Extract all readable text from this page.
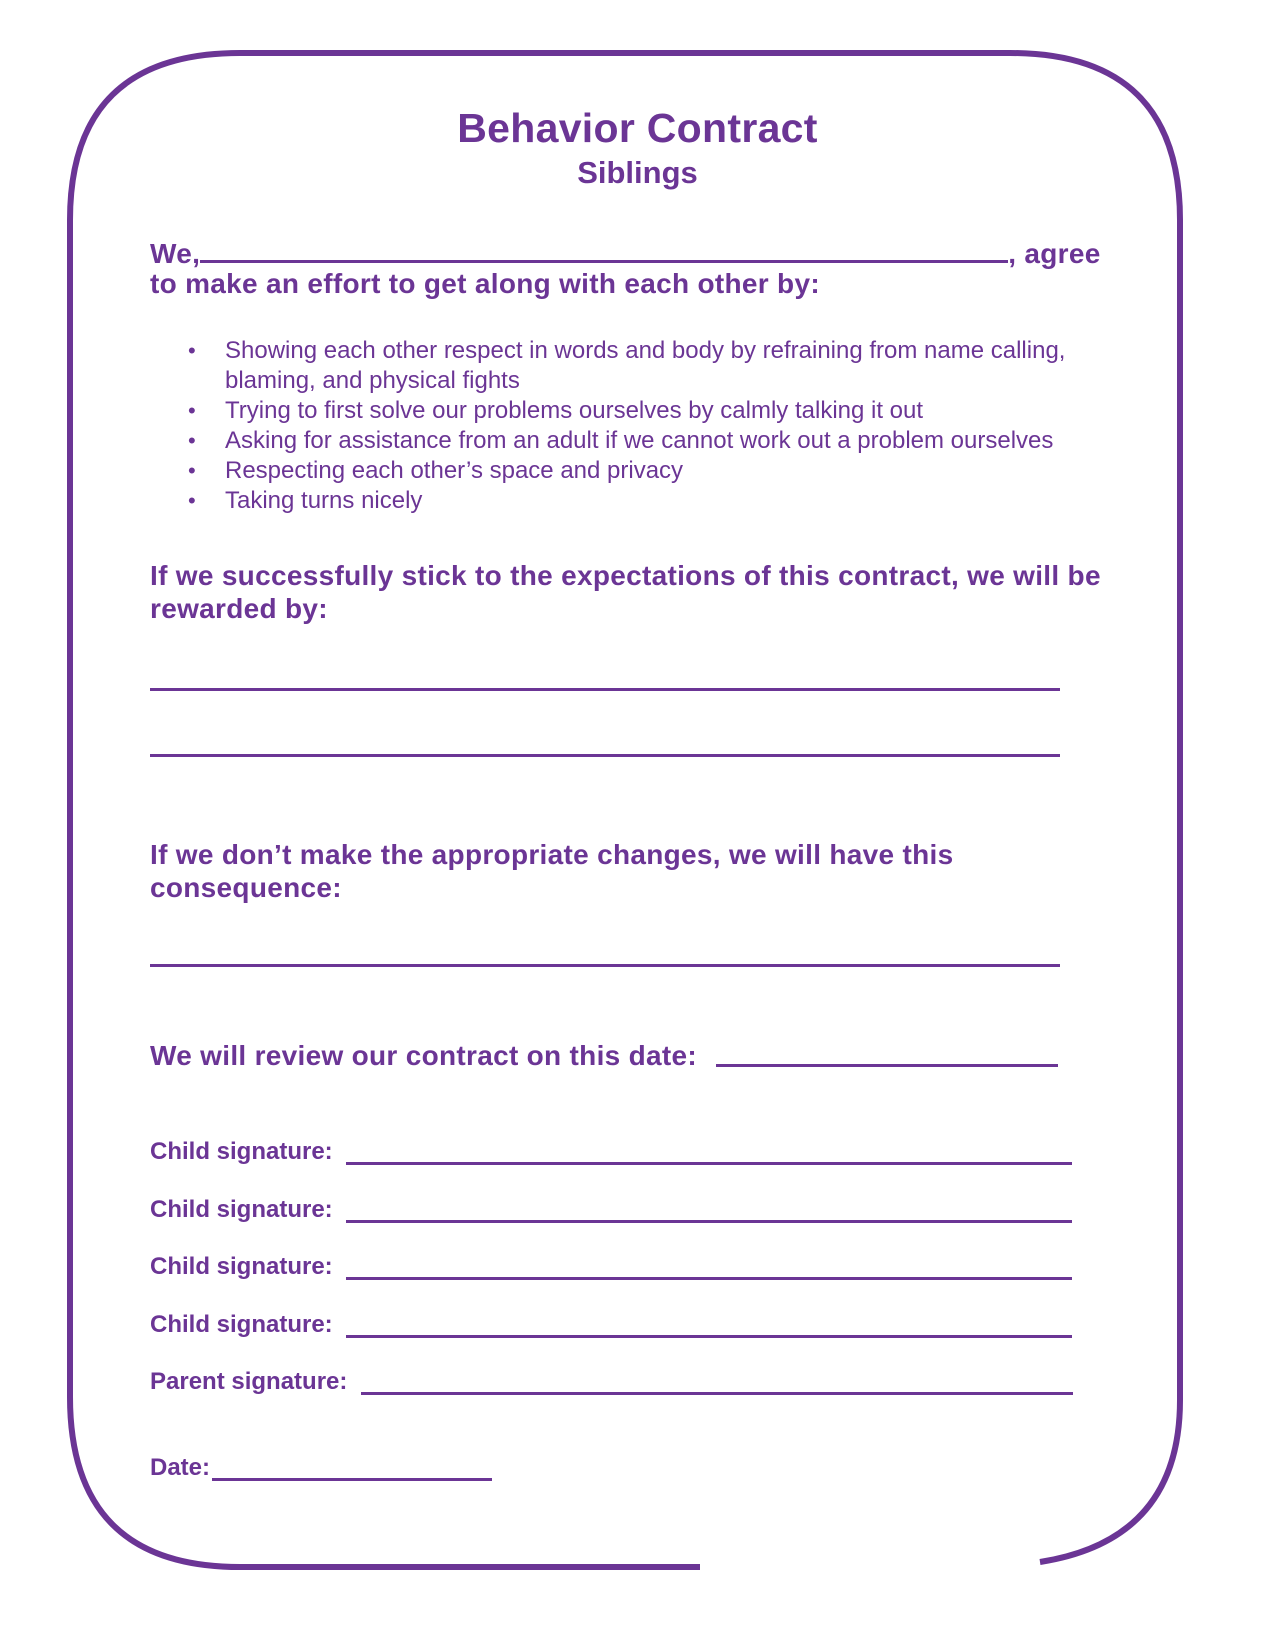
Behavior Contract
Siblings
We,	, agree
to make an effort to get along with each other by:
• Showing each other respect in words and body by refraining from name calling, blaming, and physical fights
• Trying to first solve our problems ourselves by calmly talking it out
• Asking for assistance from an adult if we cannot work out a problem ourselves
• Respecting each other’s space and privacy
• Taking turns nicely
If we successfully stick to the expectations of this contract, we will be rewarded by:
If we don’t make the appropriate changes, we will have this consequence:
We will review our contract on this date:
Child signature:
Child signature:
Child signature:
Child signature:
Parent signature:
Date:
